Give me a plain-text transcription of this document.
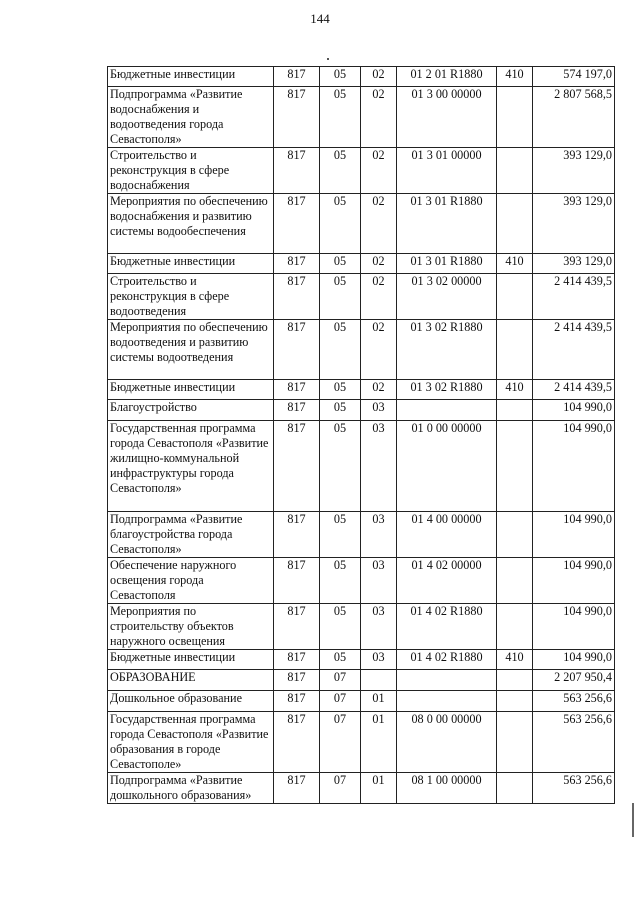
144
Бюджетные инвестиции	817	05	02	01 2 01 R1880	410	574 197,0
Подпрограмма «Развитие водоснабжения и водоотведения города Севастополя»	817	05	02	01 3 00 00000		2 807 568,5
Строительство и реконструкция в сфере водоснабжения	817	05	02	01 3 01 00000		393 129,0
Мероприятия по обеспечению водоснабжения и развитию системы водообеспечения	817	05	02	01 3 01 R1880		393 129,0
Бюджетные инвестиции	817	05	02	01 3 01 R1880	410	393 129,0
Строительство и реконструкция в сфере водоотведения	817	05	02	01 3 02 00000		2 414 439,5
Мероприятия по обеспечению водоотведения и развитию системы водоотведения	817	05	02	01 3 02 R1880		2 414 439,5
Бюджетные инвестиции	817	05	02	01 3 02 R1880	410	2 414 439,5
Благоустройство	817	05	03			104 990,0
Государственная программа города Севастополя «Развитие жилищно-коммунальной инфраструктуры города Севастополя»	817	05	03	01 0 00 00000		104 990,0
Подпрограмма «Развитие благоустройства города Севастополя»	817	05	03	01 4 00 00000		104 990,0
Обеспечение наружного освещения города Севастополя	817	05	03	01 4 02 00000		104 990,0
Мероприятия по строительству объектов наружного освещения	817	05	03	01 4 02 R1880		104 990,0
Бюджетные инвестиции	817	05	03	01 4 02 R1880	410	104 990,0
ОБРАЗОВАНИЕ	817	07				2 207 950,4
Дошкольное образование	817	07	01			563 256,6
Государственная программа города Севастополя «Развитие образования в городе Севастополе»	817	07	01	08 0 00 00000		563 256,6
Подпрограмма «Развитие дошкольного образования»	817	07	01	08 1 00 00000		563 256,6
